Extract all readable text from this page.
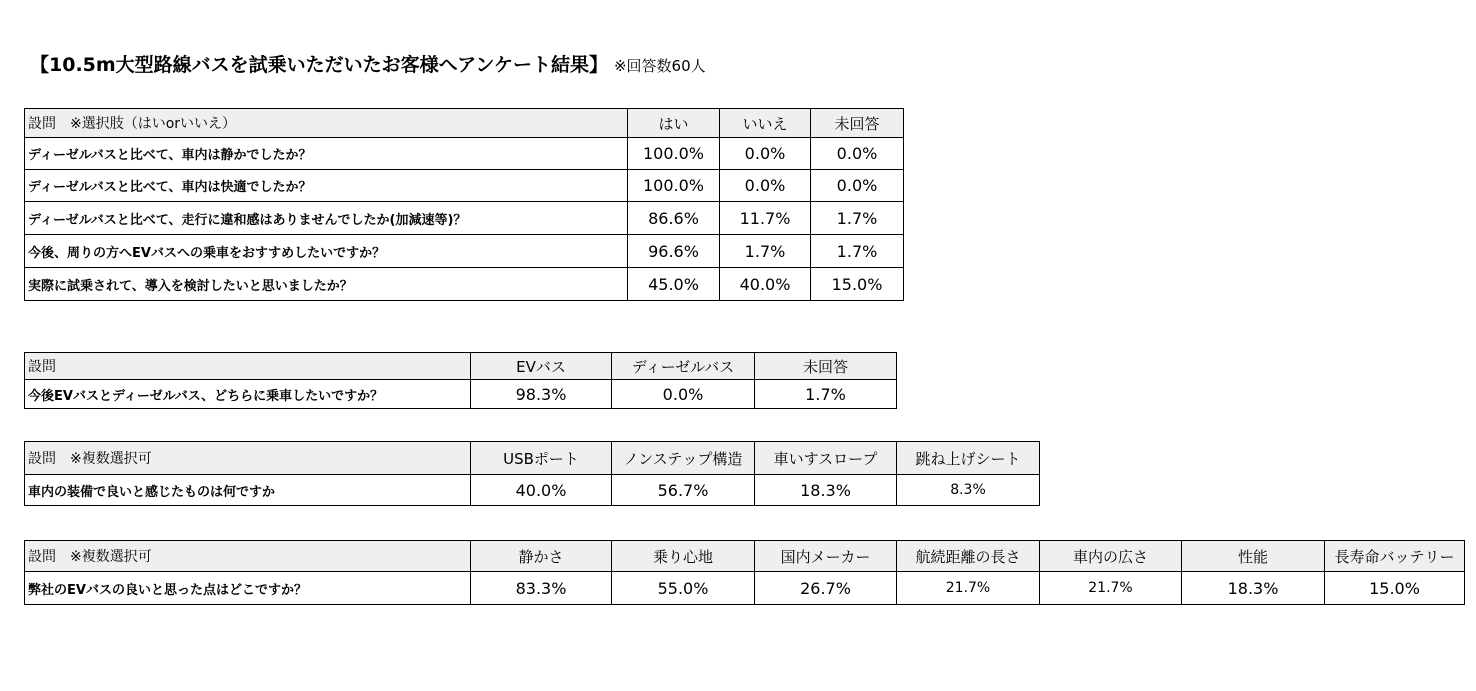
【10.5m大型路線バスを試乗いただいたお客様へアンケート結果】 ※回答数60人
設問　※選択肢（はいorいいえ）	はい	いいえ	未回答
ディーゼルバスと比べて、車内は静かでしたか？	100.0%	0.0%	0.0%
ディーゼルバスと比べて、車内は快適でしたか？	100.0%	0.0%	0.0%
ディーゼルバスと比べて、走行に違和感はありませんでしたか(加減速等)？	86.6%	11.7%	1.7%
今後、周りの方へEVバスへの乗車をおすすめしたいですか？	96.6%	1.7%	1.7%
実際に試乗されて、導入を検討したいと思いましたか？	45.0%	40.0%	15.0%
設問	EVバス	ディーゼルバス	未回答
今後EVバスとディーゼルバス、どちらに乗車したいですか？	98.3%	0.0%	1.7%
設問　※複数選択可	USBポート	ノンステップ構造	車いすスロープ	跳ね上げシート
車内の装備で良いと感じたものは何ですか	40.0%	56.7%	18.3%	8.3%
設問　※複数選択可	静かさ	乗り心地	国内メーカー	航続距離の長さ	車内の広さ	性能	長寿命バッテリー
弊社のEVバスの良いと思った点はどこですか？	83.3%	55.0%	26.7%	21.7%	21.7%	18.3%	15.0%
